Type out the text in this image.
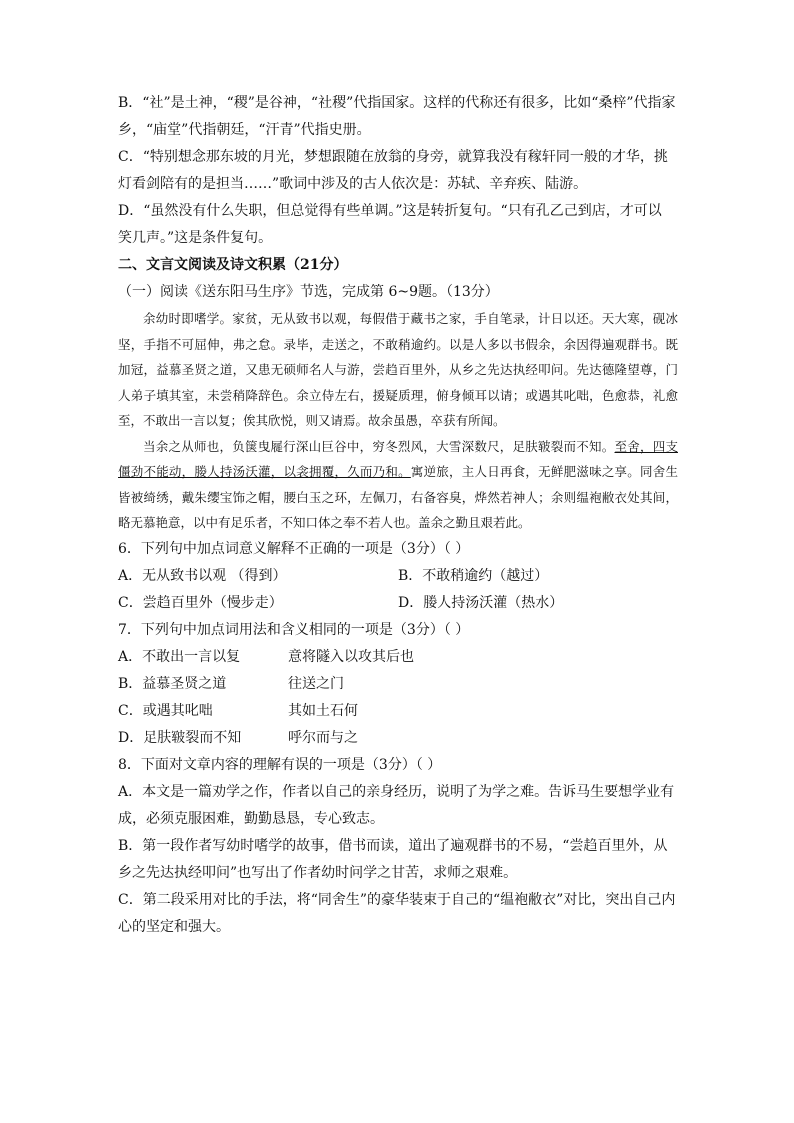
B．“社”是土神，“稷”是谷神，“社稷”代指国家。这样的代称还有很多，比如“桑梓”代指家
乡，“庙堂”代指朝廷，“汗青”代指史册。
C．“特别想念那东坡的月光，梦想跟随在放翁的身旁，就算我没有稼轩同一般的才华，挑
灯看剑陪有的是担当……”歌词中涉及的古人依次是：苏轼、辛弃疾、陆游。
D．“虽然没有什么失职，但总觉得有些单调。”这是转折复句。“只有孔乙己到店，才可以
笑几声。”这是条件复句。
二、文言文阅读及诗文积累（21分）
（一）阅读《送东阳马生序》节选，完成第 6~9题。（13分）

余幼时即嗜学。家贫，无从致书以观，每假借于藏书之家，手自笔录，计日以还。天大寒，砚冰坚，手指不可屈伸，弗之怠。录毕，走送之，不敢稍逾约。以是人多以书假余，余因得遍观群书。既加冠，益慕圣贤之道，又患无硕师名人与游，尝趋百里外，从乡之先达执经叩问。先达德隆望尊，门人弟子填其室，未尝稍降辞色。余立侍左右，援疑质理，俯身倾耳以请；或遇其叱咄，色愈恭，礼愈至，不敢出一言以复；俟其欣悦，则又请焉。故余虽愚，卒获有所闻。

当余之从师也，负箧曳屣行深山巨谷中，穷冬烈风，大雪深数尺，足肤皲裂而不知。至舍，四支僵劲不能动，媵人持汤沃灌，以衾拥覆，久而乃和。寓逆旅，主人日再食，无鲜肥滋味之享。同舍生皆被绮绣，戴朱缨宝饰之帽，腰白玉之环，左佩刀，右备容臭，烨然若神人；余则缊袍敝衣处其间，略无慕艳意，以中有足乐者，不知口体之奉不若人也。盖余之勤且艰若此。

6．下列句中加点词意义解释不正确的一项是（3分）（ ）
A．无从致书以观 （得到）	B．不敢稍逾约（越过）
C．尝趋百里外（慢步走）	D．媵人持汤沃灌（热水）
7．下列句中加点词用法和含义相同的一项是（3分）（ ）
A．不敢出一言以复	意将隧入以攻其后也
B．益慕圣贤之道	往送之门
C．或遇其叱咄	其如土石何
D．足肤皲裂而不知	呼尔而与之
8．下面对文章内容的理解有误的一项是（3分）（ ）
A．本文是一篇劝学之作，作者以自己的亲身经历，说明了为学之难。告诉马生要想学业有
成，必须克服困难，勤勤恳恳，专心致志。
B．第一段作者写幼时嗜学的故事，借书而读，道出了遍观群书的不易，“尝趋百里外，从
乡之先达执经叩问”也写出了作者幼时问学之甘苦，求师之艰难。
C．第二段采用对比的手法，将“同舍生”的豪华装束于自己的“缊袍敝衣”对比，突出自己内
心的坚定和强大。
